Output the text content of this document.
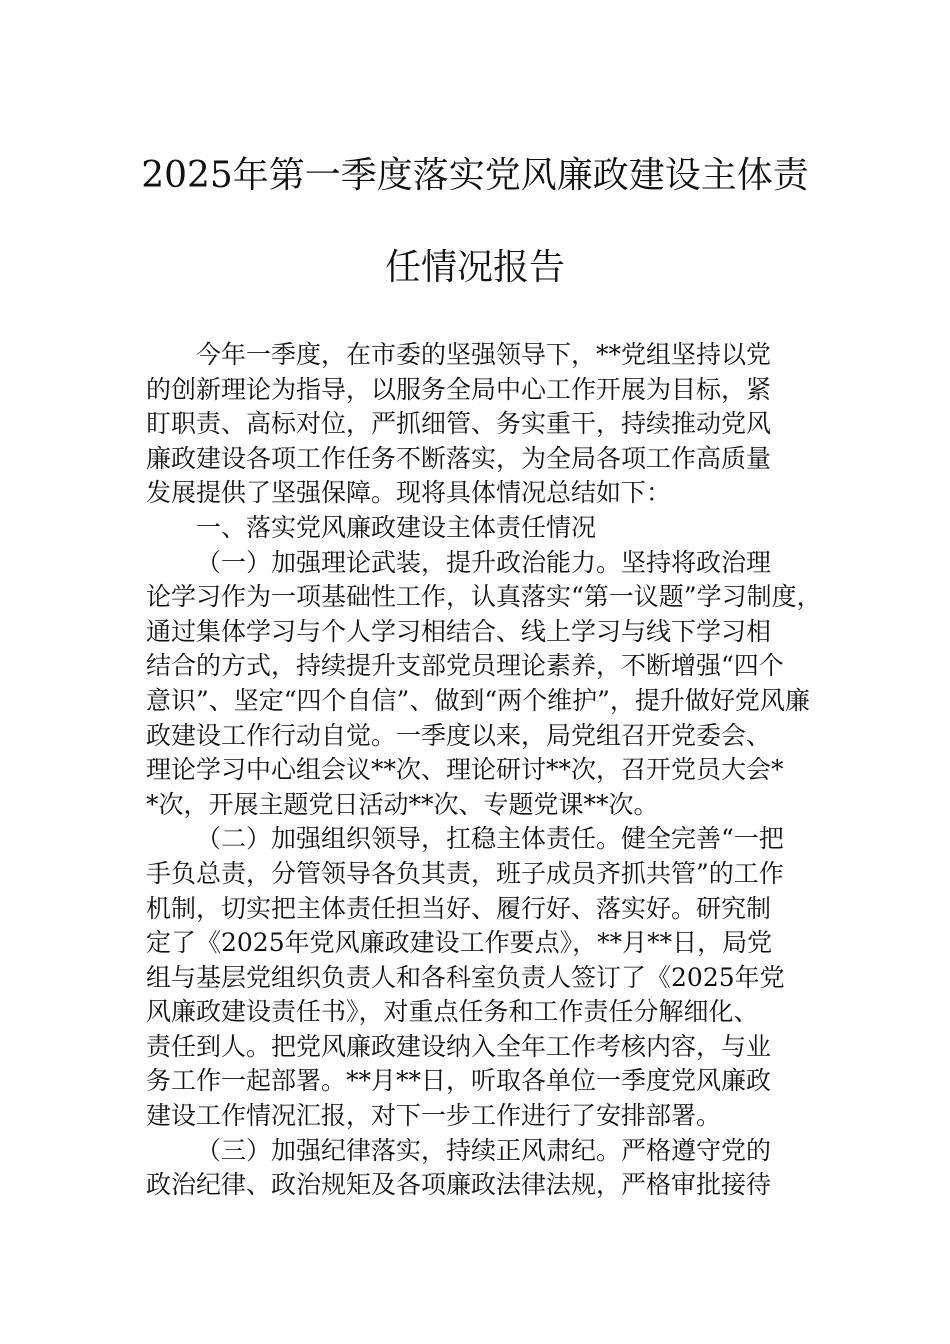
2025年第一季度落实党风廉政建设主体责
任情况报告
今年一季度，在市委的坚强领导下，**党组坚持以党
的创新理论为指导，以服务全局中心工作开展为目标，紧
盯职责、高标对位，严抓细管、务实重干，持续推动党风
廉政建设各项工作任务不断落实，为全局各项工作高质量
发展提供了坚强保障。现将具体情况总结如下：
一、落实党风廉政建设主体责任情况
（一）加强理论武装，提升政治能力。坚持将政治理
论学习作为一项基础性工作，认真落实“第一议题”学习制度，
通过集体学习与个人学习相结合、线上学习与线下学习相
结合的方式，持续提升支部党员理论素养，不断增强“四个
意识”、坚定“四个自信”、做到“两个维护”，提升做好党风廉
政建设工作行动自觉。一季度以来，局党组召开党委会、
理论学习中心组会议**次、理论研讨**次，召开党员大会*
*次，开展主题党日活动**次、专题党课**次。
（二）加强组织领导，扛稳主体责任。健全完善“一把
手负总责，分管领导各负其责，班子成员齐抓共管”的工作
机制，切实把主体责任担当好、履行好、落实好。研究制
定了《2025年党风廉政建设工作要点》，**月**日，局党
组与基层党组织负责人和各科室负责人签订了《2025年党
风廉政建设责任书》，对重点任务和工作责任分解细化、
责任到人。把党风廉政建设纳入全年工作考核内容，与业
务工作一起部署。**月**日，听取各单位一季度党风廉政
建设工作情况汇报，对下一步工作进行了安排部署。
（三）加强纪律落实，持续正风肃纪。严格遵守党的
政治纪律、政治规矩及各项廉政法律法规，严格审批接待
